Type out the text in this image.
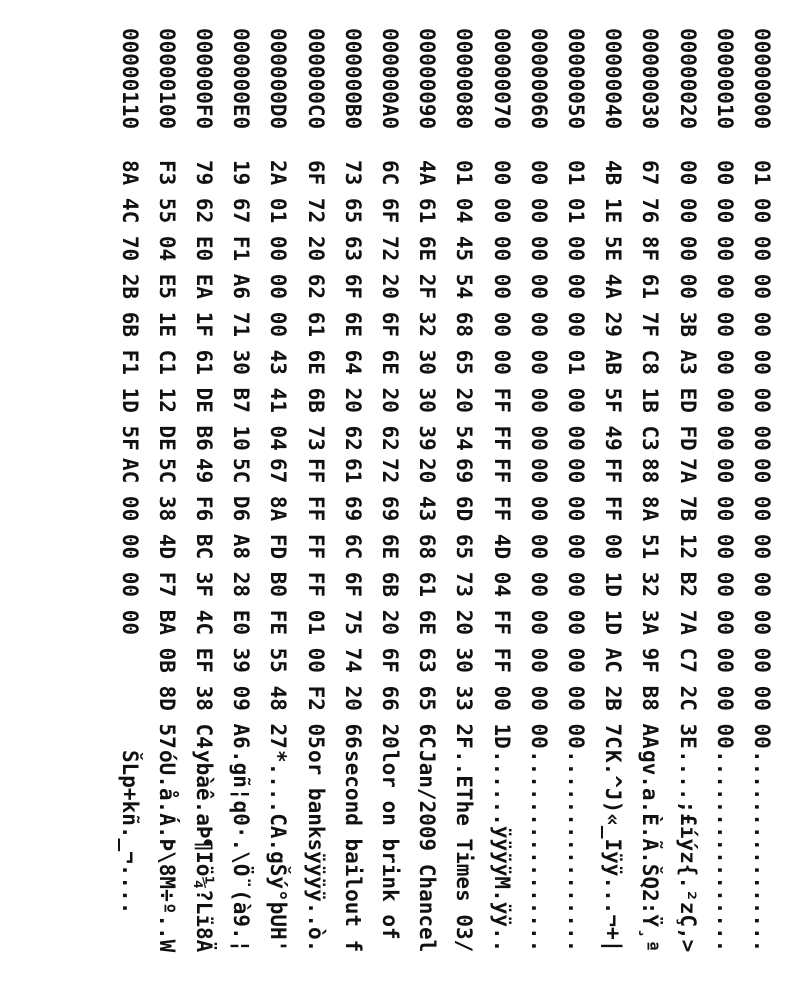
00000000
01 00 00 00 00 00 00 00
00 00 00 00 00 00 00 00
................
00000010
00 00 00 00 00 00 00 00
00 00 00 00 00 00 00 00
................
00000020
00 00 00 00 3B A3 ED FD
7A 7B 12 B2 7A C7 2C 3E
....;£íýz{.²zÇ,>
00000030
67 76 8F 61 7F C8 1B C3
88 8A 51 32 3A 9F B8 AA
gv.a.È.Ã.ŠQ2:Ÿ¸ª
00000040
4B 1E 5E 4A 29 AB 5F 49
FF FF 00 1D 1D AC 2B 7C
K.^J)«_Iÿÿ...¬+|
00000050
01 01 00 00 00 01 00 00
00 00 00 00 00 00 00 00
................
00000060
00 00 00 00 00 00 00 00
00 00 00 00 00 00 00 00
................
00000070
00 00 00 00 00 00 FF FF
FF FF 4D 04 FF FF 00 1D
......ÿÿÿÿM.ÿÿ..
00000080
01 04 45 54 68 65 20 54
69 6D 65 73 20 30 33 2F
..EThe Times 03/
00000090
4A 61 6E 2F 32 30 30 39
20 43 68 61 6E 63 65 6C
Jan/2009 Chancel
000000A0
6C 6F 72 20 6F 6E 20 62
72 69 6E 6B 20 6F 66 20
lor on brink of
000000B0
73 65 63 6F 6E 64 20 62
61 69 6C 6F 75 74 20 66
second bailout f
000000C0
6F 72 20 62 61 6E 6B 73
FF FF FF FF 01 00 F2 05
or banksÿÿÿÿ..ò.
000000D0
2A 01 00 00 00 43 41 04
67 8A FD B0 FE 55 48 27
*....CA.gŠý°þUH'
000000E0
19 67 F1 A6 71 30 B7 10
5C D6 A8 28 E0 39 09 A6
.gñ¦q0·.\Ö¨(à9.¦
000000F0
79 62 E0 EA 1F 61 DE B6
49 F6 BC 3F 4C EF 38 C4
ybàê.aÞ¶Iö¼?Lï8Ä
00000100
F3 55 04 E5 1E C1 12 DE
5C 38 4D F7 BA 0B 8D 57
óU.å.Á.Þ\8M÷º..W
00000110
8A 4C 70 2B 6B F1 1D 5F
AC 00 00 00 00
ŠLp+kñ._¬....
